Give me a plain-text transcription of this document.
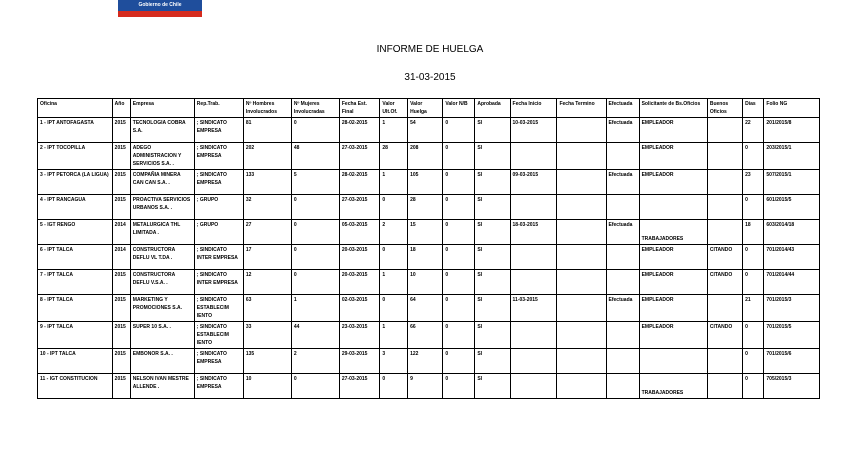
Gobierno de Chile
INFORME DE HUELGA
31-03-2015
Oficina	Año	Empresa	Rep.Trab.	Nº Hombres Involucrados	Nº Mujeres Involucradas	Fecha Est. Final	Valor Ult.Of.	Valor Huelga	Valor N/B	Aprobada	Fecha Inicio	Fecha Termino	Efectuada	Solicitante de Bs.Oficios	Buenos Oficios	Días	Folio NG
1 - IPT ANTOFAGASTA	2015	TECNOLOGIA COBRA S.A.	; SINDICATO EMPRESA	81	0	28-02-2015	1	54	0	SI	10-03-2015		Efectuada	EMPLEADOR		22	201/2015/8
2 - IPT TOCOPILLA	2015	ADEGO ADMINISTRACION Y SERVICIOS S.A. .	; SINDICATO EMPRESA	202	48	27-03-2015	28	208	0	SI				EMPLEADOR		0	203/2015/1
3 - IPT PETORCA (LA LIGUA)	2015	COMPAÑIA MINERA CAN CAN S.A. .	; SINDICATO EMPRESA	133	5	28-02-2015	1	105	0	SI	09-03-2015		Efectuada	EMPLEADOR		23	507/2015/1
4 - IPT RANCAGUA	2015	PROACTIVA SERVICIOS URBANOS S.A. .	; GRUPO	32	0	27-03-2015	0	28	0	SI						0	601/2015/5
5 - IGT RENGO	2014	METALURGICA THL LIMITADA .	; GRUPO	27	0	05-03-2015	2	15	0	SI	18-03-2015		Efectuada	TRABAJADORES		18	603/2014/18
6 - IPT TALCA	2014	CONSTRUCTORA DEFLU VL T.DA .	; SINDICATO INTER EMPRESA	17	0	20-03-2015	0	18	0	SI				EMPLEADOR	CITANDO	0	701/2014/43
7 - IPT TALCA	2015	CONSTRUCTORA DEFLU V.S.A. .	; SINDICATO INTER EMPRESA	12	0	20-03-2015	1	10	0	SI				EMPLEADOR	CITANDO	0	701/2014/44
8 - IPT TALCA	2015	MARKETING Y PROMOCIONES S.A.	; SINDICATO ESTABLECIM IENTO	63	1	02-03-2015	0	64	0	SI	11-03-2015		Efectuada	EMPLEADOR		21	701/2015/3
9 - IPT TALCA	2015	SUPER 10 S.A. .	; SINDICATO ESTABLECIM IENTO	33	44	23-03-2015	1	66	0	SI				EMPLEADOR	CITANDO	0	701/2015/5
10 - IPT TALCA	2015	EMBONOR S.A. .	; SINDICATO EMPRESA	135	2	29-03-2015	3	122	0	SI						0	701/2015/6
11 - IGT CONSTITUCION	2015	NELSON IVAN MESTRE ALLENDE .	; SINDICATO EMPRESA	10	0	27-03-2015	0	9	0	SI				TRABAJADORES		0	705/2015/3
